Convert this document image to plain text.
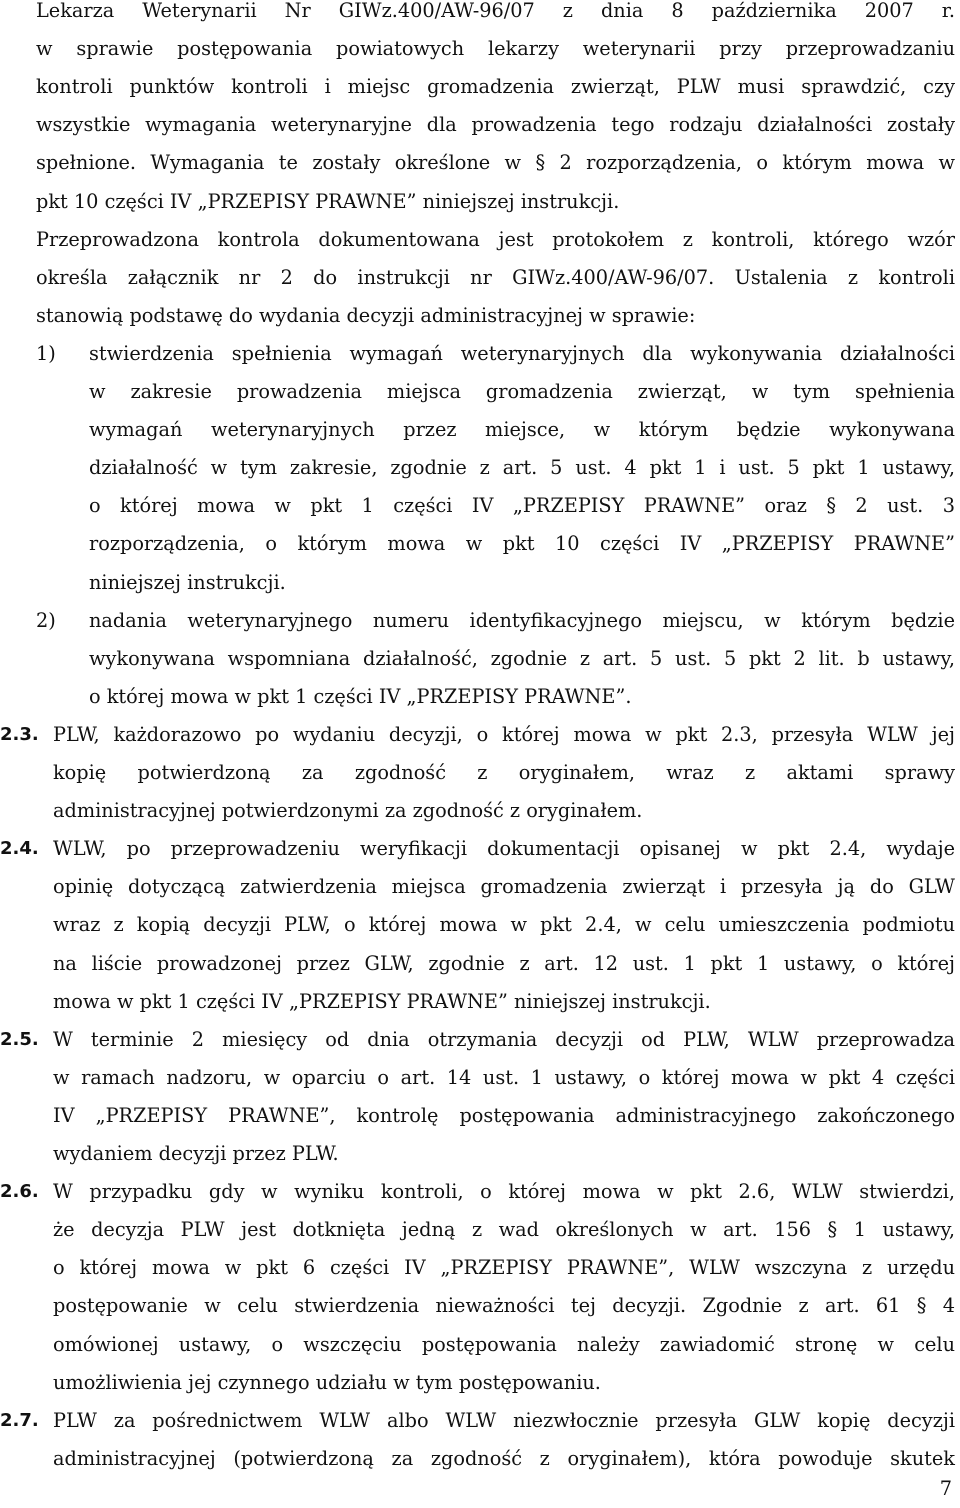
Lekarza Weterynarii Nr GIWz.400/AW-96/07 z dnia 8 października 2007 r.
w sprawie postępowania powiatowych lekarzy weterynarii przy przeprowadzaniu
kontroli punktów kontroli i miejsc gromadzenia zwierząt, PLW musi sprawdzić, czy
wszystkie wymagania weterynaryjne dla prowadzenia tego rodzaju działalności zostały
spełnione. Wymagania te zostały określone w § 2 rozporządzenia, o którym mowa w
pkt 10 części IV „PRZEPISY PRAWNE” niniejszej instrukcji.
Przeprowadzona kontrola dokumentowana jest protokołem z kontroli, którego wzór
określa załącznik nr 2 do instrukcji nr GIWz.400/AW-96/07. Ustalenia z kontroli
stanowią podstawę do wydania decyzji administracyjnej w sprawie:
1) stwierdzenia spełnienia wymagań weterynaryjnych dla wykonywania działalności
w zakresie prowadzenia miejsca gromadzenia zwierząt, w tym spełnienia
wymagań weterynaryjnych przez miejsce, w którym będzie wykonywana
działalność w tym zakresie, zgodnie z art. 5 ust. 4 pkt 1 i ust. 5 pkt 1 ustawy,
o której mowa w pkt 1 części IV „PRZEPISY PRAWNE” oraz § 2 ust. 3
rozporządzenia, o którym mowa w pkt 10 części IV „PRZEPISY PRAWNE”
niniejszej instrukcji.
2) nadania weterynaryjnego numeru identyfikacyjnego miejscu, w którym będzie
wykonywana wspomniana działalność, zgodnie z art. 5 ust. 5 pkt 2 lit. b ustawy,
o której mowa w pkt 1 części IV „PRZEPISY PRAWNE”.
2.3. PLW, każdorazowo po wydaniu decyzji, o której mowa w pkt 2.3, przesyła WLW jej
kopię potwierdzoną za zgodność z oryginałem, wraz z aktami sprawy
administracyjnej potwierdzonymi za zgodność z oryginałem.
2.4. WLW, po przeprowadzeniu weryfikacji dokumentacji opisanej w pkt 2.4, wydaje
opinię dotyczącą zatwierdzenia miejsca gromadzenia zwierząt i przesyła ją do GLW
wraz z kopią decyzji PLW, o której mowa w pkt 2.4, w celu umieszczenia podmiotu
na liście prowadzonej przez GLW, zgodnie z art. 12 ust. 1 pkt 1 ustawy, o której
mowa w pkt 1 części IV „PRZEPISY PRAWNE” niniejszej instrukcji.
2.5. W terminie 2 miesięcy od dnia otrzymania decyzji od PLW, WLW przeprowadza
w ramach nadzoru, w oparciu o art. 14 ust. 1 ustawy, o której mowa w pkt 4 części
IV „PRZEPISY PRAWNE”, kontrolę postępowania administracyjnego zakończonego
wydaniem decyzji przez PLW.
2.6. W przypadku gdy w wyniku kontroli, o której mowa w pkt 2.6, WLW stwierdzi,
że decyzja PLW jest dotknięta jedną z wad określonych w art. 156 § 1 ustawy,
o której mowa w pkt 6 części IV „PRZEPISY PRAWNE”, WLW wszczyna z urzędu
postępowanie w celu stwierdzenia nieważności tej decyzji. Zgodnie z art. 61 § 4
omówionej ustawy, o wszczęciu postępowania należy zawiadomić stronę w celu
umożliwienia jej czynnego udziału w tym postępowaniu.
2.7. PLW za pośrednictwem WLW albo WLW niezwłocznie przesyła GLW kopię decyzji
administracyjnej (potwierdzoną za zgodność z oryginałem), która powoduje skutek
7
